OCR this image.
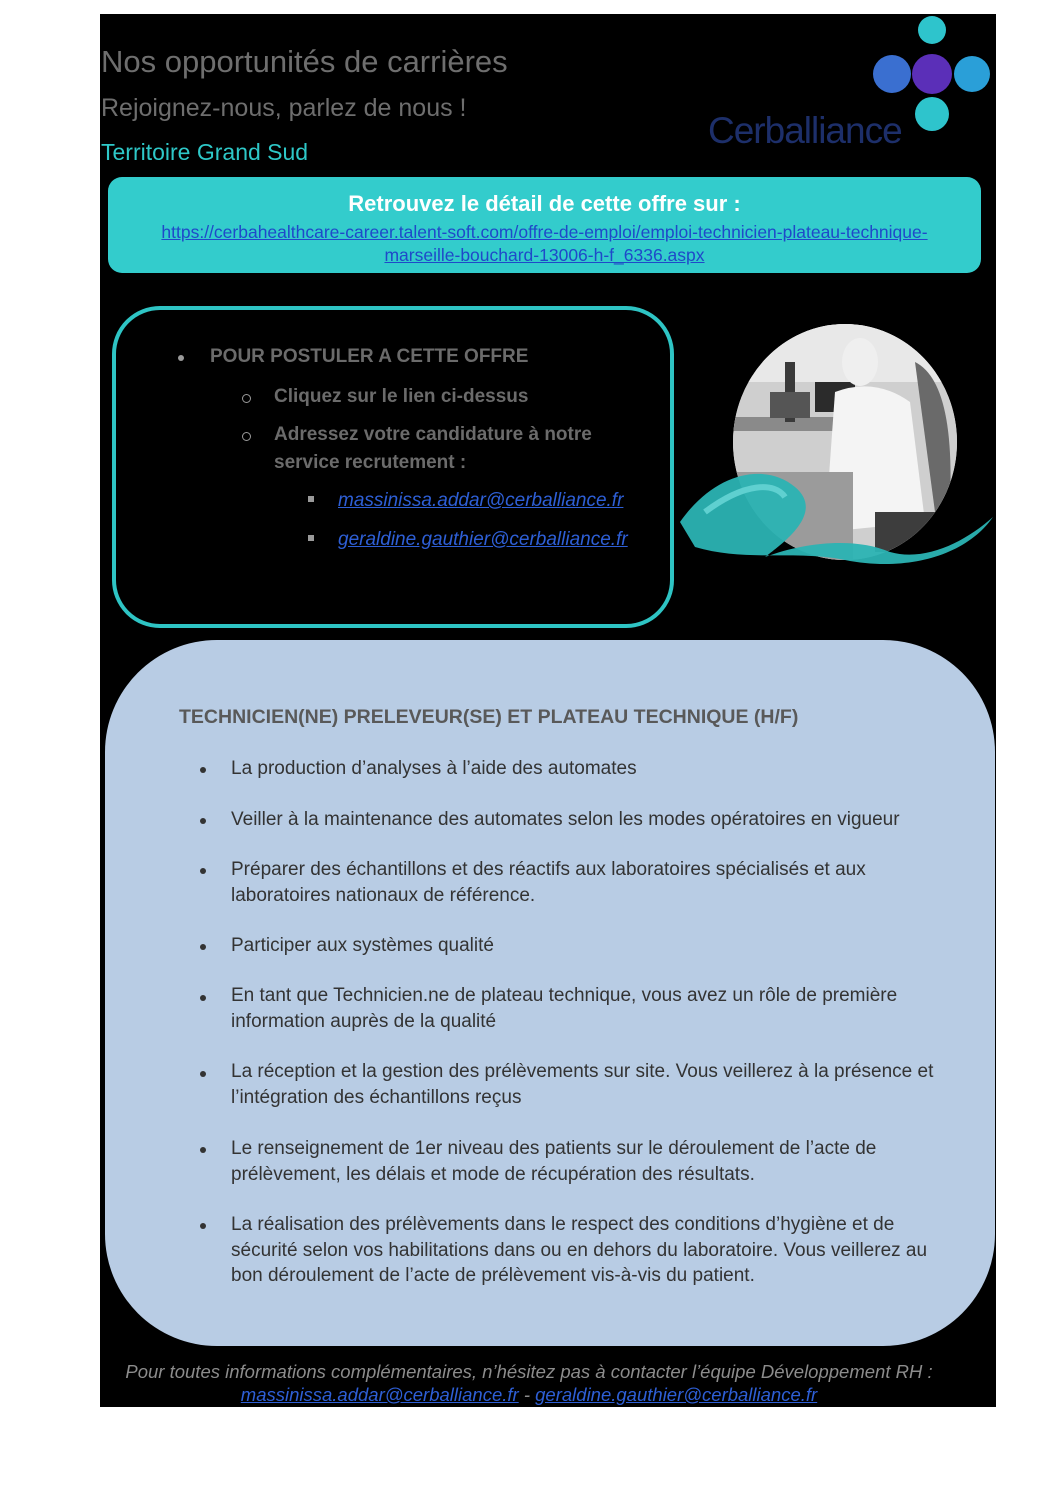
Nos opportunités de carrières
Rejoignez-nous, parlez de nous !
Territoire Grand Sud
Cerballiance
Retrouvez le détail de cette offre sur :
https://cerbahealthcare-career.talent-soft.com/offre-de-emploi/emploi-technicien-plateau-technique-marseille-bouchard-13006-h-f_6336.aspx
POUR POSTULER A CETTE OFFRE
Cliquez sur le lien ci-dessus
Adressez votre candidature à notre
service recrutement :
massinissa.addar@cerballiance.fr
geraldine.gauthier@cerballiance.fr
TECHNICIEN(NE) PRELEVEUR(SE) ET PLATEAU TECHNIQUE (H/F)
La production d’analyses à l’aide des automates
Veiller à la maintenance des automates selon les modes opératoires en vigueur
Préparer des échantillons et des réactifs aux laboratoires spécialisés et aux laboratoires nationaux de référence.
Participer aux systèmes qualité
En tant que Technicien.ne de plateau technique, vous avez un rôle de première information auprès de la qualité
La réception et la gestion des prélèvements sur site. Vous veillerez à la présence et l’intégration des échantillons reçus
Le renseignement de 1er niveau des patients sur le déroulement de l’acte de prélèvement, les délais et mode de récupération des résultats.
La réalisation des prélèvements dans le respect des conditions d’hygiène et de sécurité selon vos habilitations dans ou en dehors du laboratoire. Vous veillerez au bon déroulement de l’acte de prélèvement vis-à-vis du patient.
Pour toutes informations complémentaires, n’hésitez pas à contacter l’équipe Développement RH :
massinissa.addar@cerballiance.fr - geraldine.gauthier@cerballiance.fr
